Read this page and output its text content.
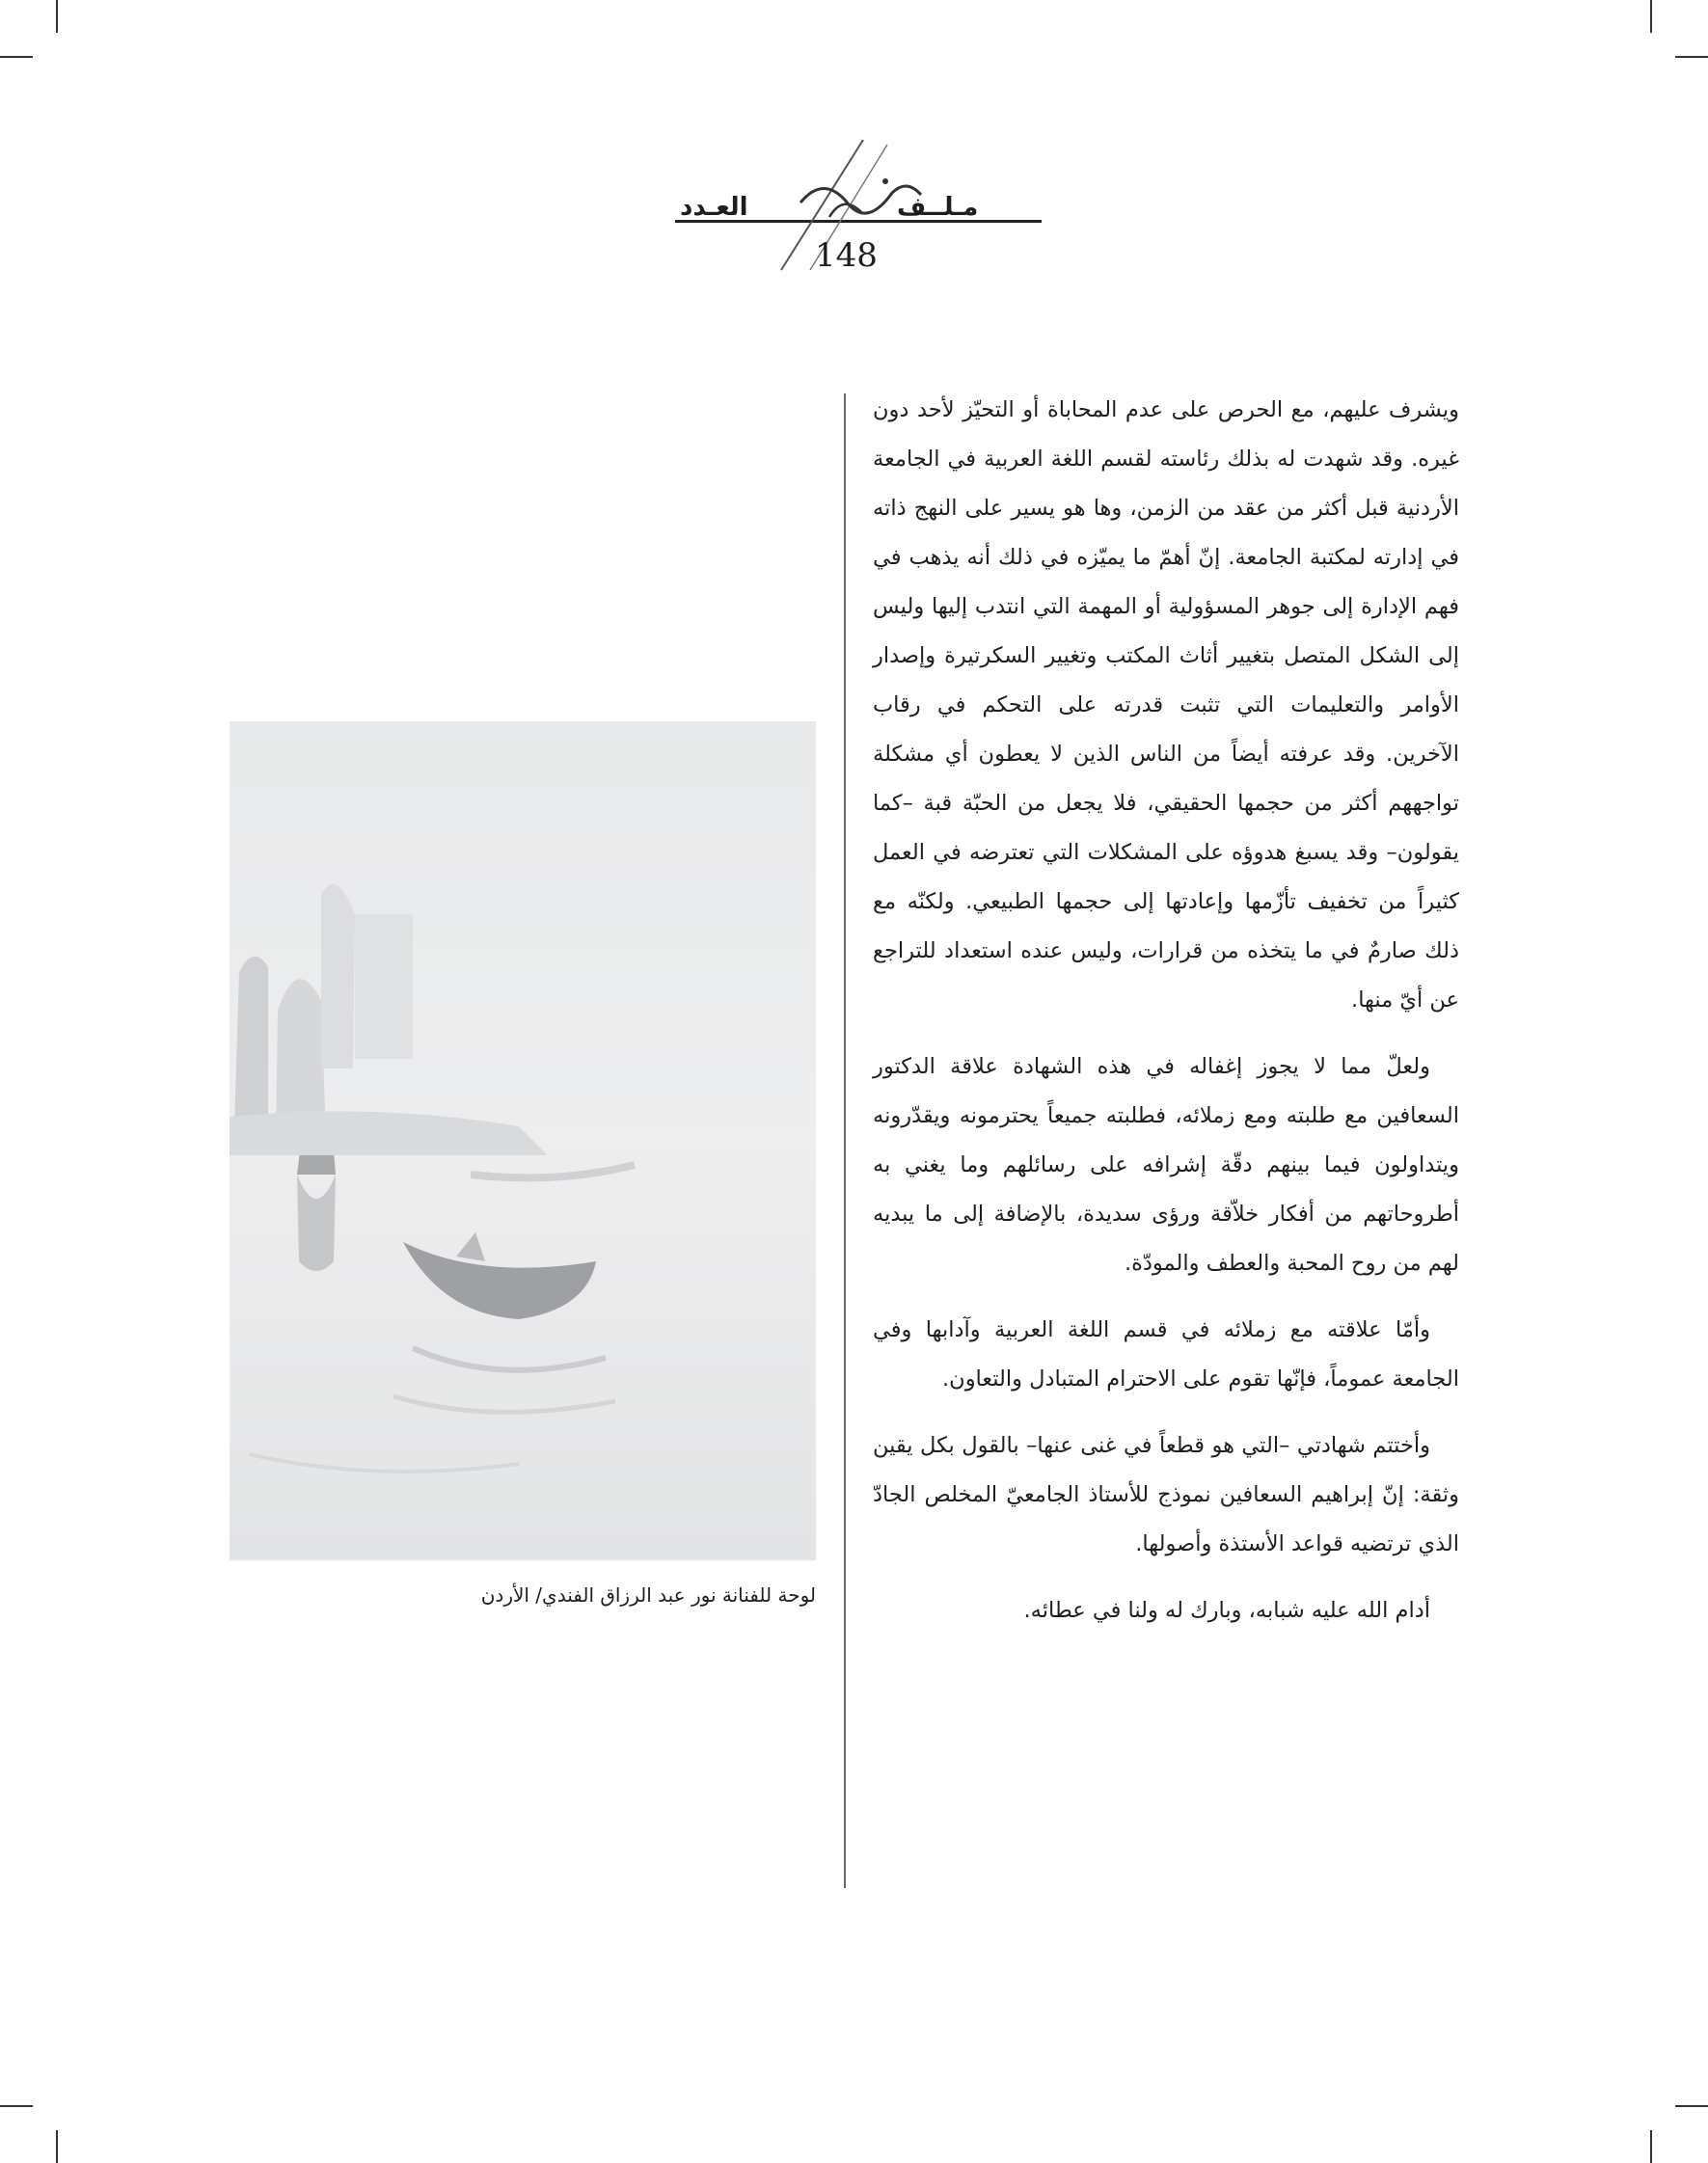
العـدد	مـلــف
148

ويشرف عليهم، مع الحرص على عدم المحاباة أو التحيّز لأحد دون غيره. وقد شهدت له بذلك رئاسته لقسم اللغة العربية في الجامعة الأردنية قبل أكثر من عقد من الزمن، وها هو يسير على النهج ذاته في إدارته لمكتبة الجامعة. إنّ أهمّ ما يميّزه في ذلك أنه يذهب في فهم الإدارة إلى جوهر المسؤولية أو المهمة التي انتدب إليها وليس إلى الشكل المتصل بتغيير أثاث المكتب وتغيير السكرتيرة وإصدار الأوامر والتعليمات التي تثبت قدرته على التحكم في رقاب الآخرين. وقد عرفته أيضاً من الناس الذين لا يعطون أي مشكلة تواجههم أكثر من حجمها الحقيقي، فلا يجعل من الحبّة قبة –كما يقولون– وقد يسبغ هدوؤه على المشكلات التي تعترضه في العمل كثيراً من تخفيف تأزّمها وإعادتها إلى حجمها الطبيعي. ولكنّه مع ذلك صارمٌ في ما يتخذه من قرارات، وليس عنده استعداد للتراجع عن أيّ منها.

ولعلّ مما لا يجوز إغفاله في هذه الشهادة علاقة الدكتور السعافين مع طلبته ومع زملائه، فطلبته جميعاً يحترمونه ويقدّرونه ويتداولون فيما بينهم دقّة إشرافه على رسائلهم وما يغني به أطروحاتهم من أفكار خلاّقة ورؤى سديدة، بالإضافة إلى ما يبديه لهم من روح المحبة والعطف والمودّة.

وأمّا علاقته مع زملائه في قسم اللغة العربية وآدابها وفي الجامعة عموماً، فإنّها تقوم على الاحترام المتبادل والتعاون.

وأختتم شهادتي –التي هو قطعاً في غنى عنها– بالقول بكل يقين وثقة: إنّ إبراهيم السعافين نموذج للأستاذ الجامعيّ المخلص الجادّ الذي ترتضيه قواعد الأستذة وأصولها.

أدام الله عليه شبابه، وبارك له ولنا في عطائه.

لوحة للفنانة نور عبد الرزاق الفندي/ الأردن
